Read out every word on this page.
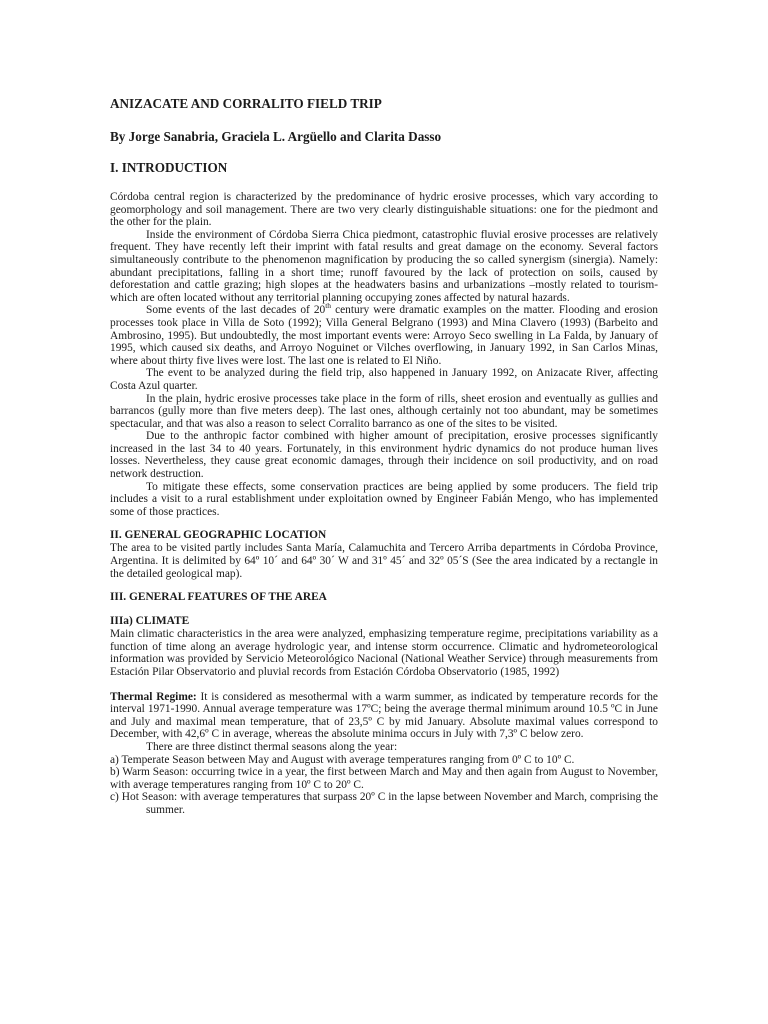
ANIZACATE AND CORRALITO FIELD TRIP
By Jorge Sanabria, Graciela L. Argüello and Clarita Dasso
I. INTRODUCTION

Córdoba central region is characterized by the predominance of hydric erosive processes, which vary according to geomorphology and soil management. There are two very clearly distinguishable situations: one for the piedmont and the other for the plain.

Inside the environment of Córdoba Sierra Chica piedmont, catastrophic fluvial erosive processes are relatively frequent. They have recently left their imprint with fatal results and great damage on the economy. Several factors simultaneously contribute to the phenomenon magnification by producing the so called synergism (sinergia). Namely: abundant precipitations, falling in a short time; runoff favoured by the lack of protection on soils, caused by deforestation and cattle grazing; high slopes at the headwaters basins and urbanizations –mostly related to tourism- which are often located without any territorial planning occupying zones affected by natural hazards.

Some events of the last decades of 20th century were dramatic examples on the matter. Flooding and erosion processes took place in Villa de Soto (1992); Villa General Belgrano (1993) and Mina Clavero (1993) (Barbeito and Ambrosino, 1995). But undoubtedly, the most important events were: Arroyo Seco swelling in La Falda, by January of 1995, which caused six deaths, and Arroyo Noguinet or Vilches overflowing, in January 1992, in San Carlos Minas, where about thirty five lives were lost. The last one is related to El Niño.

The event to be analyzed during the field trip, also happened in January 1992, on Anizacate River, affecting Costa Azul quarter.

In the plain, hydric erosive processes take place in the form of rills, sheet erosion and eventually as gullies and barrancos (gully more than five meters deep). The last ones, although certainly not too abundant, may be sometimes spectacular, and that was also a reason to select Corralito barranco as one of the sites to be visited.

Due to the anthropic factor combined with higher amount of precipitation, erosive processes significantly increased in the last 34 to 40 years. Fortunately, in this environment hydric dynamics do not produce human lives losses. Nevertheless, they cause great economic damages, through their incidence on soil productivity, and on road network destruction.

To mitigate these effects, some conservation practices are being applied by some producers. The field trip includes a visit to a rural establishment under exploitation owned by Engineer Fabián Mengo, who has implemented some of those practices.

II. GENERAL GEOGRAPHIC LOCATION

The area to be visited partly includes Santa María, Calamuchita and Tercero Arriba departments in Córdoba Province, Argentina. It is delimited by 64º 10´ and 64º 30´ W and 31º 45´ and 32º 05´S (See the area indicated by a rectangle in the detailed geological map).

III. GENERAL FEATURES OF THE AREA
IIIa) CLIMATE

Main climatic characteristics in the area were analyzed, emphasizing temperature regime, precipitations variability as a function of time along an average hydrologic year, and intense storm occurrence. Climatic and hydrometeorological information was provided by Servicio Meteorológico Nacional (National Weather Service) through measurements from Estación Pilar Observatorio and pluvial records from Estación Córdoba Observatorio (1985, 1992)

Thermal Regime: It is considered as mesothermal with a warm summer, as indicated by temperature records for the interval 1971-1990. Annual average temperature was 17ºC; being the average thermal minimum around 10.5 ºC in June and July and maximal mean temperature, that of 23,5º C by mid January. Absolute maximal values correspond to December, with 42,6º C in average, whereas the absolute minima occurs in July with 7,3º C below zero.

There are three distinct thermal seasons along the year:

a) Temperate Season between May and August with average temperatures ranging from 0º C to 10º C.
b) Warm Season: occurring twice in a year, the first between March and May and then again from August to November, with average temperatures ranging from 10º C to 20º C.
c) Hot Season: with average temperatures that surpass 20º C in the lapse between November and March, comprising the summer.
